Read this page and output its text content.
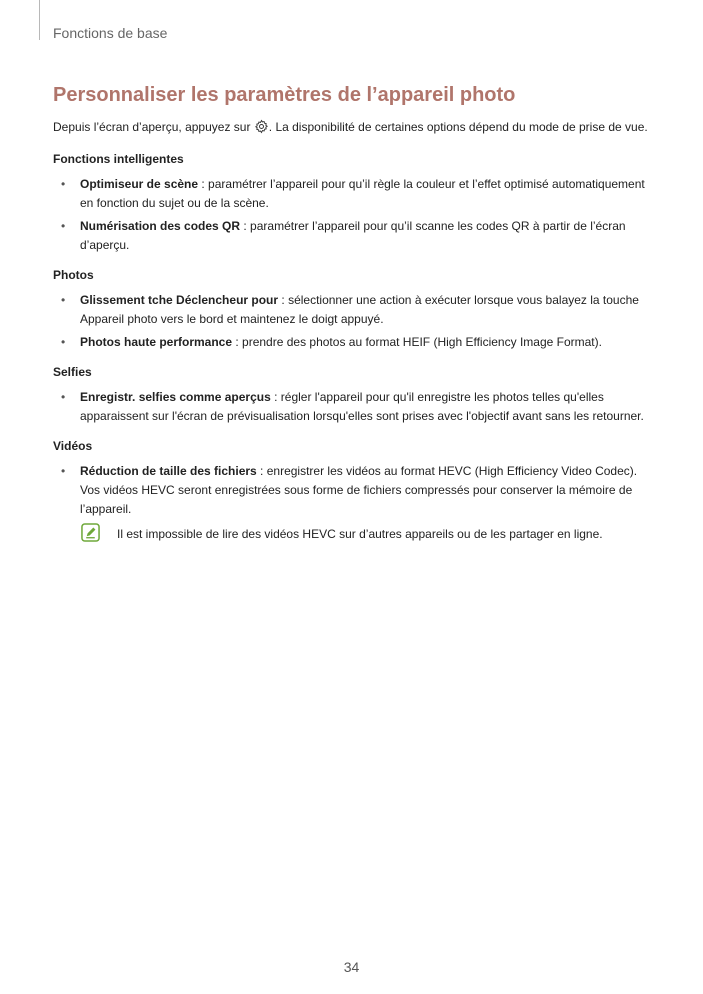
Fonctions de base
Personnaliser les paramètres de l’appareil photo

Depuis l’écran d’aperçu, appuyez sur . La disponibilité de certaines options dépend du mode de prise de vue.

Fonctions intelligentes
• Optimiseur de scène : paramétrer l’appareil pour qu’il règle la couleur et l’effet optimisé automatiquement en fonction du sujet ou de la scène.
• Numérisation des codes QR : paramétrer l’appareil pour qu’il scanne les codes QR à partir de l’écran d’aperçu.
Photos
• Glissement tche Déclencheur pour : sélectionner une action à exécuter lorsque vous balayez la touche Appareil photo vers le bord et maintenez le doigt appuyé.
• Photos haute performance : prendre des photos au format HEIF (High Efficiency Image Format).
Selfies
• Enregistr. selfies comme aperçus : régler l'appareil pour qu'il enregistre les photos telles qu'elles apparaissent sur l'écran de prévisualisation lorsqu'elles sont prises avec l'objectif avant sans les retourner.
Vidéos
• Réduction de taille des fichiers : enregistrer les vidéos au format HEVC (High Efficiency Video Codec). Vos vidéos HEVC seront enregistrées sous forme de fichiers compressés pour conserver la mémoire de l’appareil.
Il est impossible de lire des vidéos HEVC sur d’autres appareils ou de les partager en ligne.
34
